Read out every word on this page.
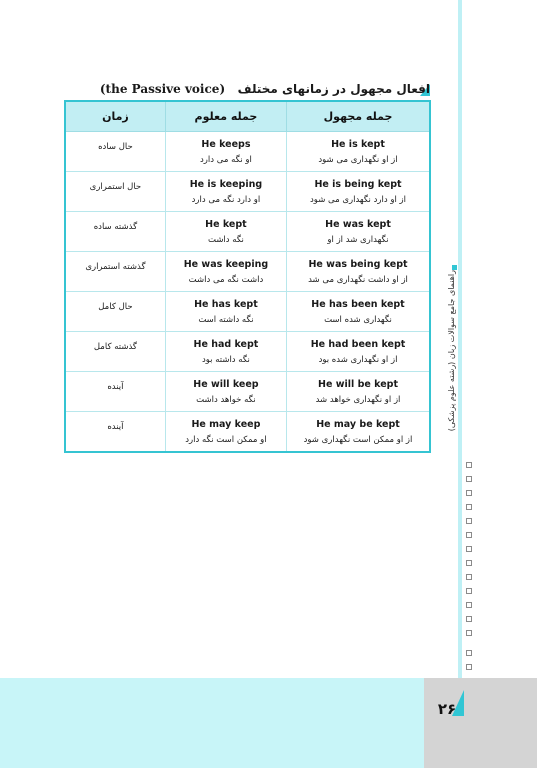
راهنمای جامع سوالات زبان (رشته علوم پزشکی)
افعال مجهول در زمانهای مختلف   (the Passive voice)
جمله مجهول	جمله معلوم	زمان

He is kept
از او نگهداری می شود	He keeps
او نگه می دارد	حال ساده

He is being kept
از او دارد نگهداری می شود	He is keeping
او دارد نگه می دارد	حال استمراری

He was kept
نگهداری شد از او	He kept
نگه داشت	گذشته ساده

He was being kept
از او داشت نگهداری می شد	He was keeping
داشت نگه می داشت	گذشته استمراری

He has been kept
نگهداری شده است	He has kept
نگه داشته است	حال کامل

He had been kept
از او نگهداری شده بود	He had kept
نگه داشته بود	گذشته کامل

He will be kept
از او نگهداری خواهد شد	He will keep
نگه خواهد داشت	آینده

He may be kept
از او ممکن است نگهداری شود	He may keep
او ممکن است نگه دارد	آینده
۲۶
